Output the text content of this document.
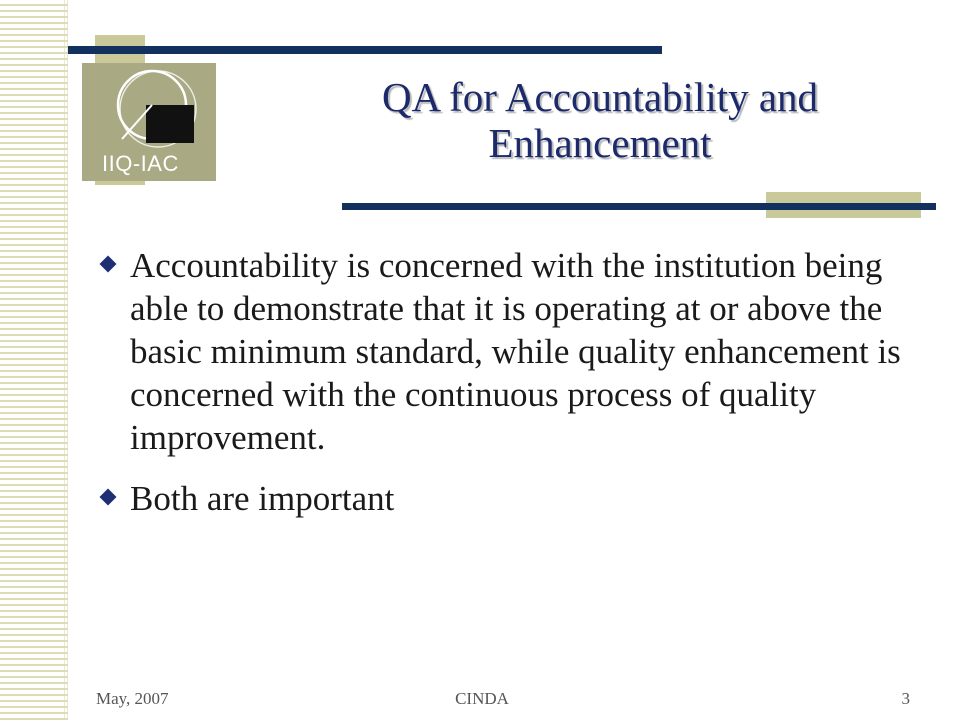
IIQ-IAC
QA for Accountability and Enhancement
Accountability is concerned with the institution being able to demonstrate that it is operating at or above the basic minimum standard, while quality enhancement is concerned with the continuous process of quality improvement.
Both are important
May, 2007	CINDA	3
